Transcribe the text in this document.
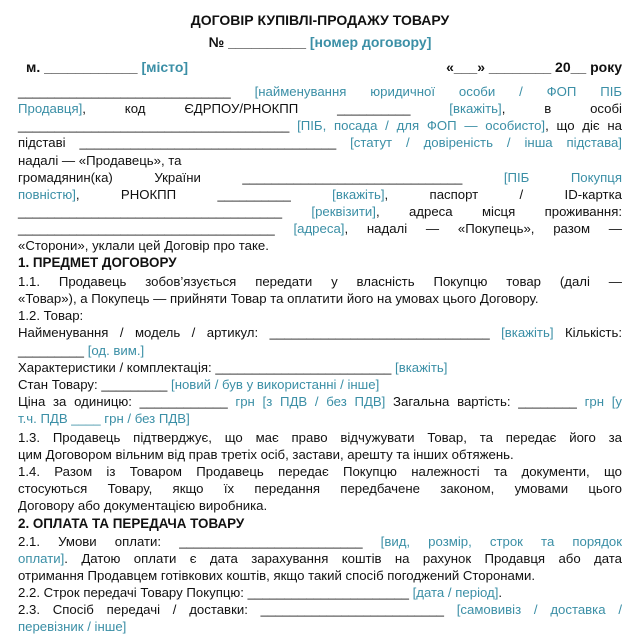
ДОГОВІР КУПІВЛІ-ПРОДАЖУ ТОВАРУ
№ __________ [номер договору]
м. ____________ [місто]	«___» ________ 20__ року
_____________________________ [найменування юридичної особи / ФОП ПІБ
Продавця], код ЄДРПОУ/РНОКПП __________ [вкажіть], в особі
_____________________________________ [ПІБ, посада / для ФОП — особисто], що діє на
підставі ___________________________________ [статут / довіреність / інша підстава]
надалі — «Продавець», та
громадянин(ка) України ______________________________ [ПІБ Покупця
повністю], РНОКПП __________ [вкажіть], паспорт / ID-картка
____________________________________ [реквізити], адреса місця проживання:
___________________________________ [адреса], надалі — «Покупець», разом —
«Сторони», уклали цей Договір про таке.
1. ПРЕДМЕТ ДОГОВОРУ
1.1. Продавець зобов’язується передати у власність Покупцю товар (далі —
«Товар»), а Покупець — прийняти Товар та оплатити його на умовах цього Договору.
1.2. Товар:
Найменування / модель / артикул: ______________________________ [вкажіть] Кількість:
_________ [од. вим.]
Характеристики / комплектація: ________________________ [вкажіть]
Стан Товару: _________ [новий / був у використанні / інше]
Ціна за одиницю: ____________ грн [з ПДВ / без ПДВ] Загальна вартість: ________ грн [у
т.ч. ПДВ ____ грн / без ПДВ]
1.3. Продавець підтверджує, що має право відчужувати Товар, та передає його за
цим Договором вільним від прав третіх осіб, застави, арешту та інших обтяжень.
1.4. Разом із Товаром Продавець передає Покупцю належності та документи, що
стосуються Товару, якщо їх передання передбачене законом, умовами цього
Договору або документацією виробника.
2. ОПЛАТА ТА ПЕРЕДАЧА ТОВАРУ
2.1. Умови оплати: _________________________ [вид, розмір, строк та порядок
оплати]. Датою оплати є дата зарахування коштів на рахунок Продавця або дата
отримання Продавцем готівкових коштів, якщо такий спосіб погоджений Сторонами.
2.2. Строк передачі Товару Покупцю: ______________________ [дата / період].
2.3. Спосіб передачі / доставки: _________________________ [самовивіз / доставка /
перевізник / інше]
